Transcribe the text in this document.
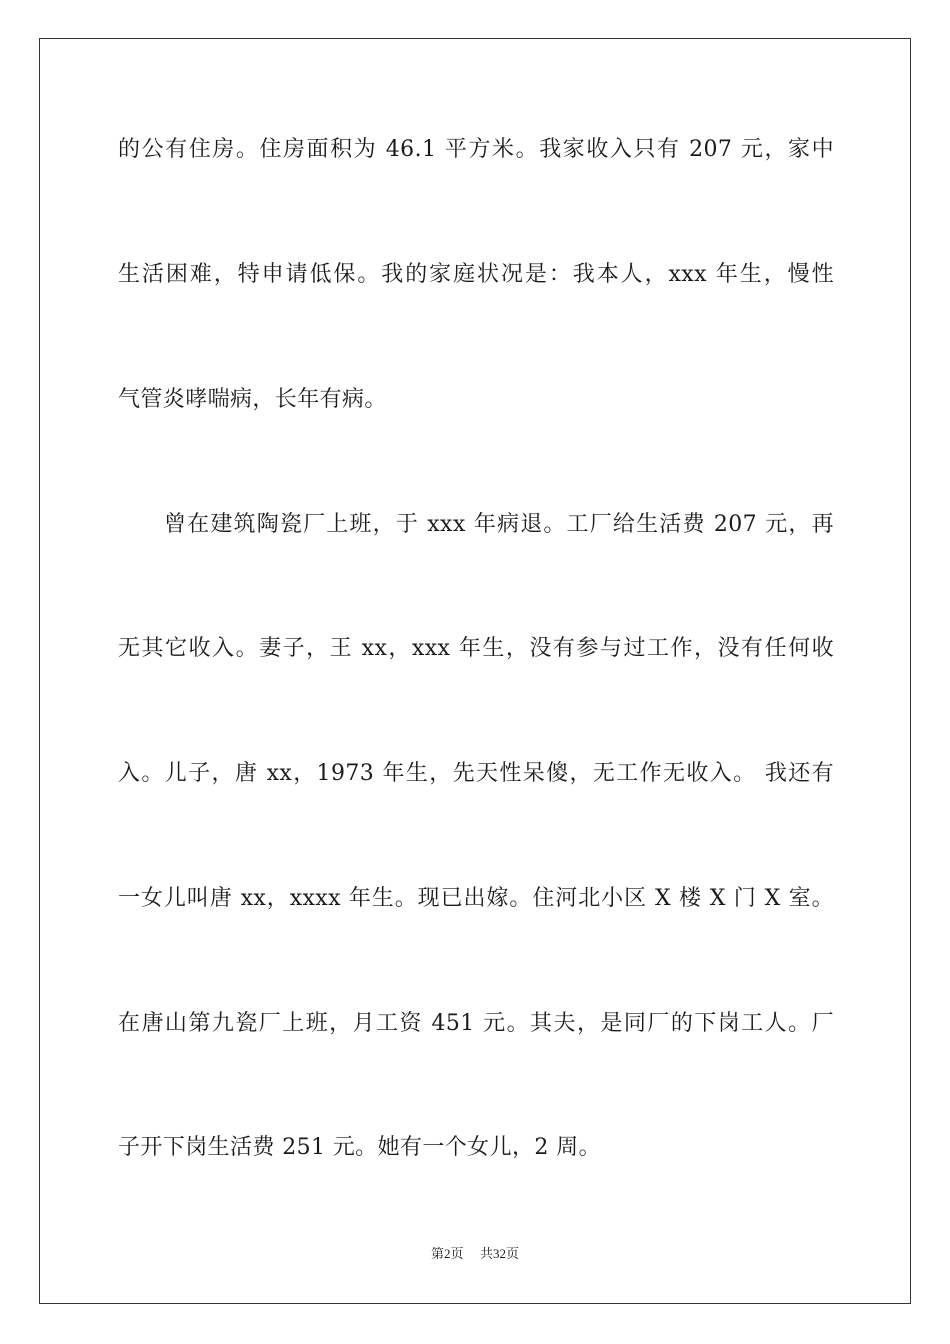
的公有住房。住房面积为 46.1 平方米。我家收入只有 207 元，家中
生活困难，特申请低保。我的家庭状况是：我本人，xxx 年生，慢性
气管炎哮喘病，长年有病。
曾在建筑陶瓷厂上班，于 xxx 年病退。工厂给生活费 207 元，再
无其它收入。妻子，王 xx，xxx 年生，没有参与过工作，没有任何收
入。儿子，唐 xx，1973 年生，先天性呆傻，无工作无收入。 我还有
一女儿叫唐 xx，xxxx 年生。现已出嫁。住河北小区 X 楼 X 门 X 室。
在唐山第九瓷厂上班，月工资 451 元。其夫，是同厂的下岗工人。厂
子开下岗生活费 251 元。她有一个女儿，2 周。
第2页 共32页
